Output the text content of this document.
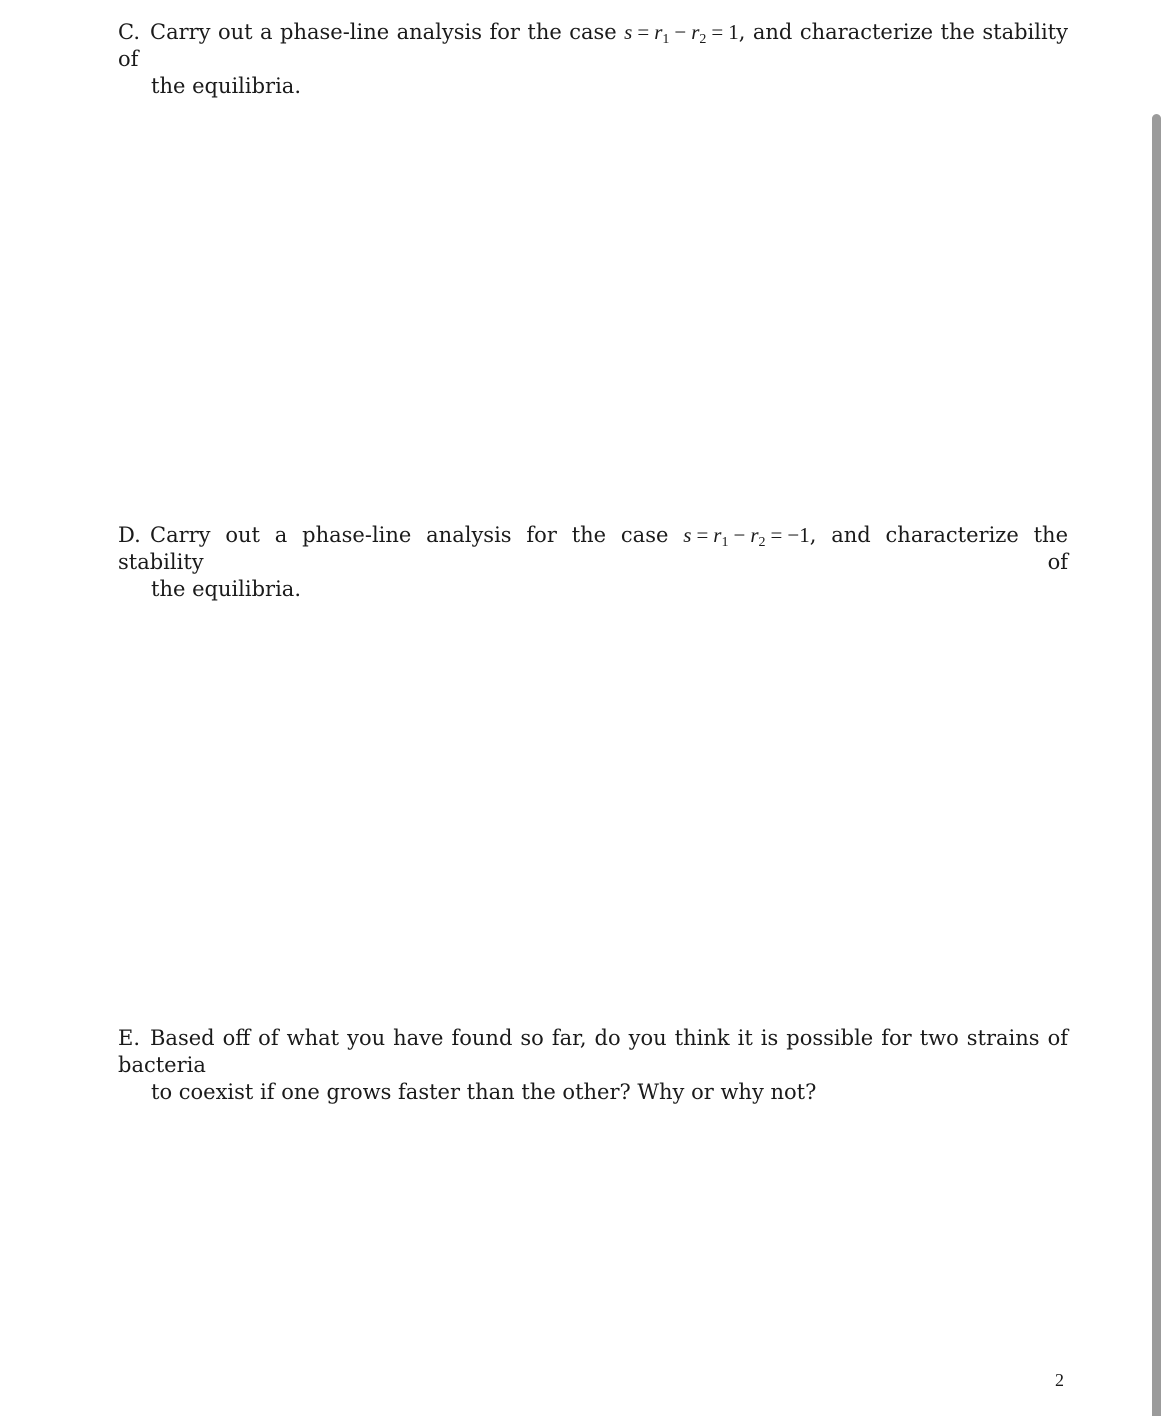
C. Carry out a phase-line analysis for the case $s = r_1 - r_2 = 1$, and characterize the stability of
the equilibria.
D. Carry out a phase-line analysis for the case $s = r_1 - r_2 = -1$, and characterize the stability of
the equilibria.
E. Based off of what you have found so far, do you think it is possible for two strains of bacteria
to coexist if one grows faster than the other? Why or why not?
2
